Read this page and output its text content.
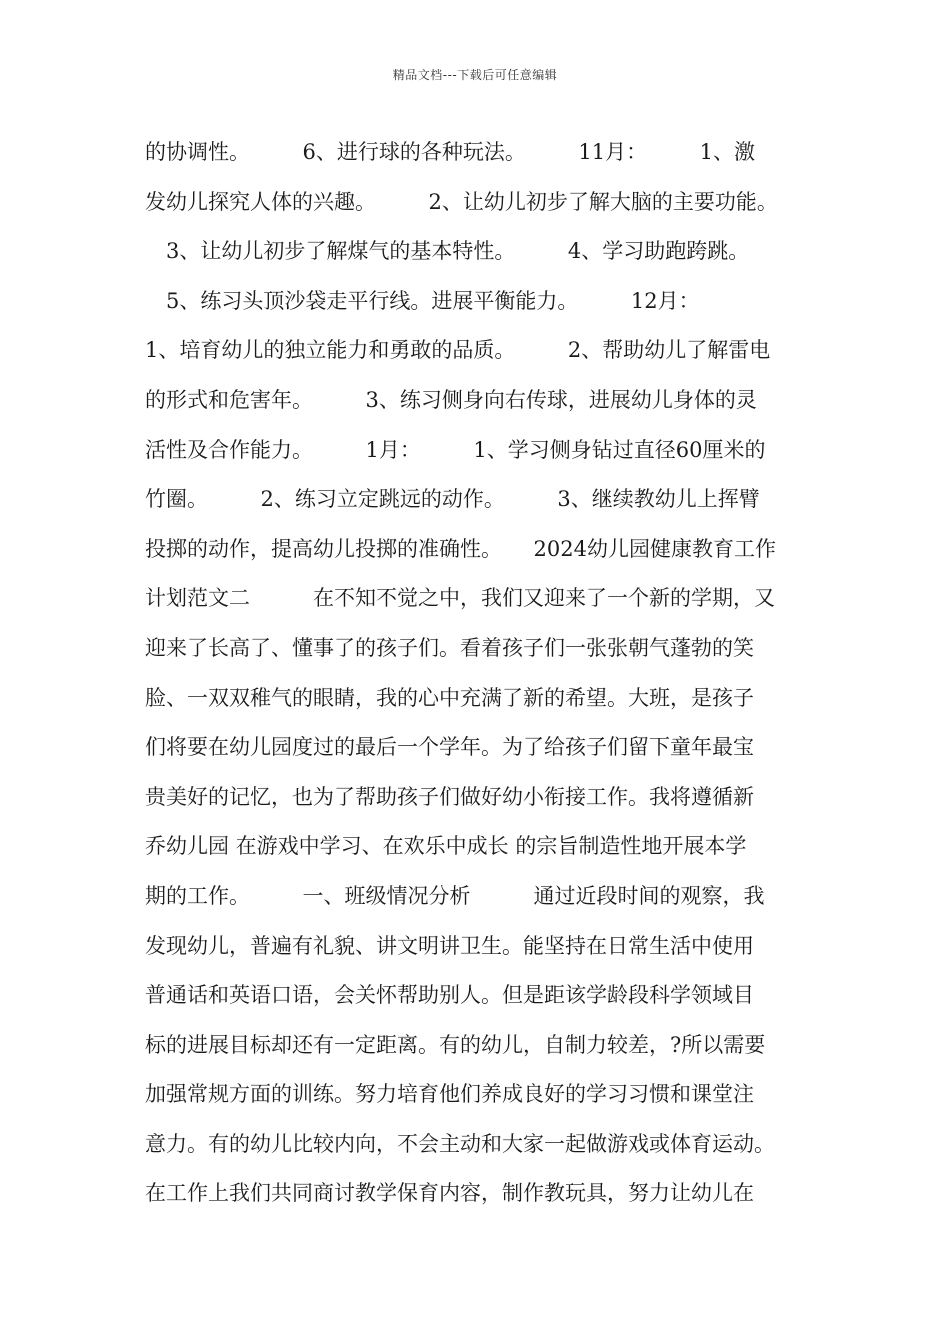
精品文档---下载后可任意编辑
的协调性。　　　6、进行球的各种玩法。　　　11月：　　　1、激
发幼儿探究人体的兴趣。　　　2、让幼儿初步了解大脑的主要功能。
　3、让幼儿初步了解煤气的基本特性。　　　4、学习助跑跨跳。
　5、练习头顶沙袋走平行线。进展平衡能力。　　　12月：
1、培育幼儿的独立能力和勇敢的品质。　　　2、帮助幼儿了解雷电
的形式和危害年。　　　3、练习侧身向右传球，进展幼儿身体的灵
活性及合作能力。　　　1月：　　　1、学习侧身钻过直径60厘米的
竹圈。　　　2、练习立定跳远的动作。　　　3、继续教幼儿上挥臂
投掷的动作，提高幼儿投掷的准确性。　　2024幼儿园健康教育工作
计划范文二　　　在不知不觉之中，我们又迎来了一个新的学期，又
迎来了长高了、懂事了的孩子们。看着孩子们一张张朝气蓬勃的笑
脸、一双双稚气的眼睛，我的心中充满了新的希望。大班，是孩子
们将要在幼儿园度过的最后一个学年。为了给孩子们留下童年最宝
贵美好的记忆，也为了帮助孩子们做好幼小衔接工作。我将遵循新
乔幼儿园 在游戏中学习、在欢乐中成长 的宗旨制造性地开展本学
期的工作。　　　一、班级情况分析　　　通过近段时间的观察，我
发现幼儿，普遍有礼貌、讲文明讲卫生。能坚持在日常生活中使用
普通话和英语口语，会关怀帮助别人。但是距该学龄段科学领域目
标的进展目标却还有一定距离。有的幼儿，自制力较差，?所以需要
加强常规方面的训练。努力培育他们养成良好的学习习惯和课堂注
意力。有的幼儿比较内向，不会主动和大家一起做游戏或体育运动。
在工作上我们共同商讨教学保育内容，制作教玩具，努力让幼儿在
